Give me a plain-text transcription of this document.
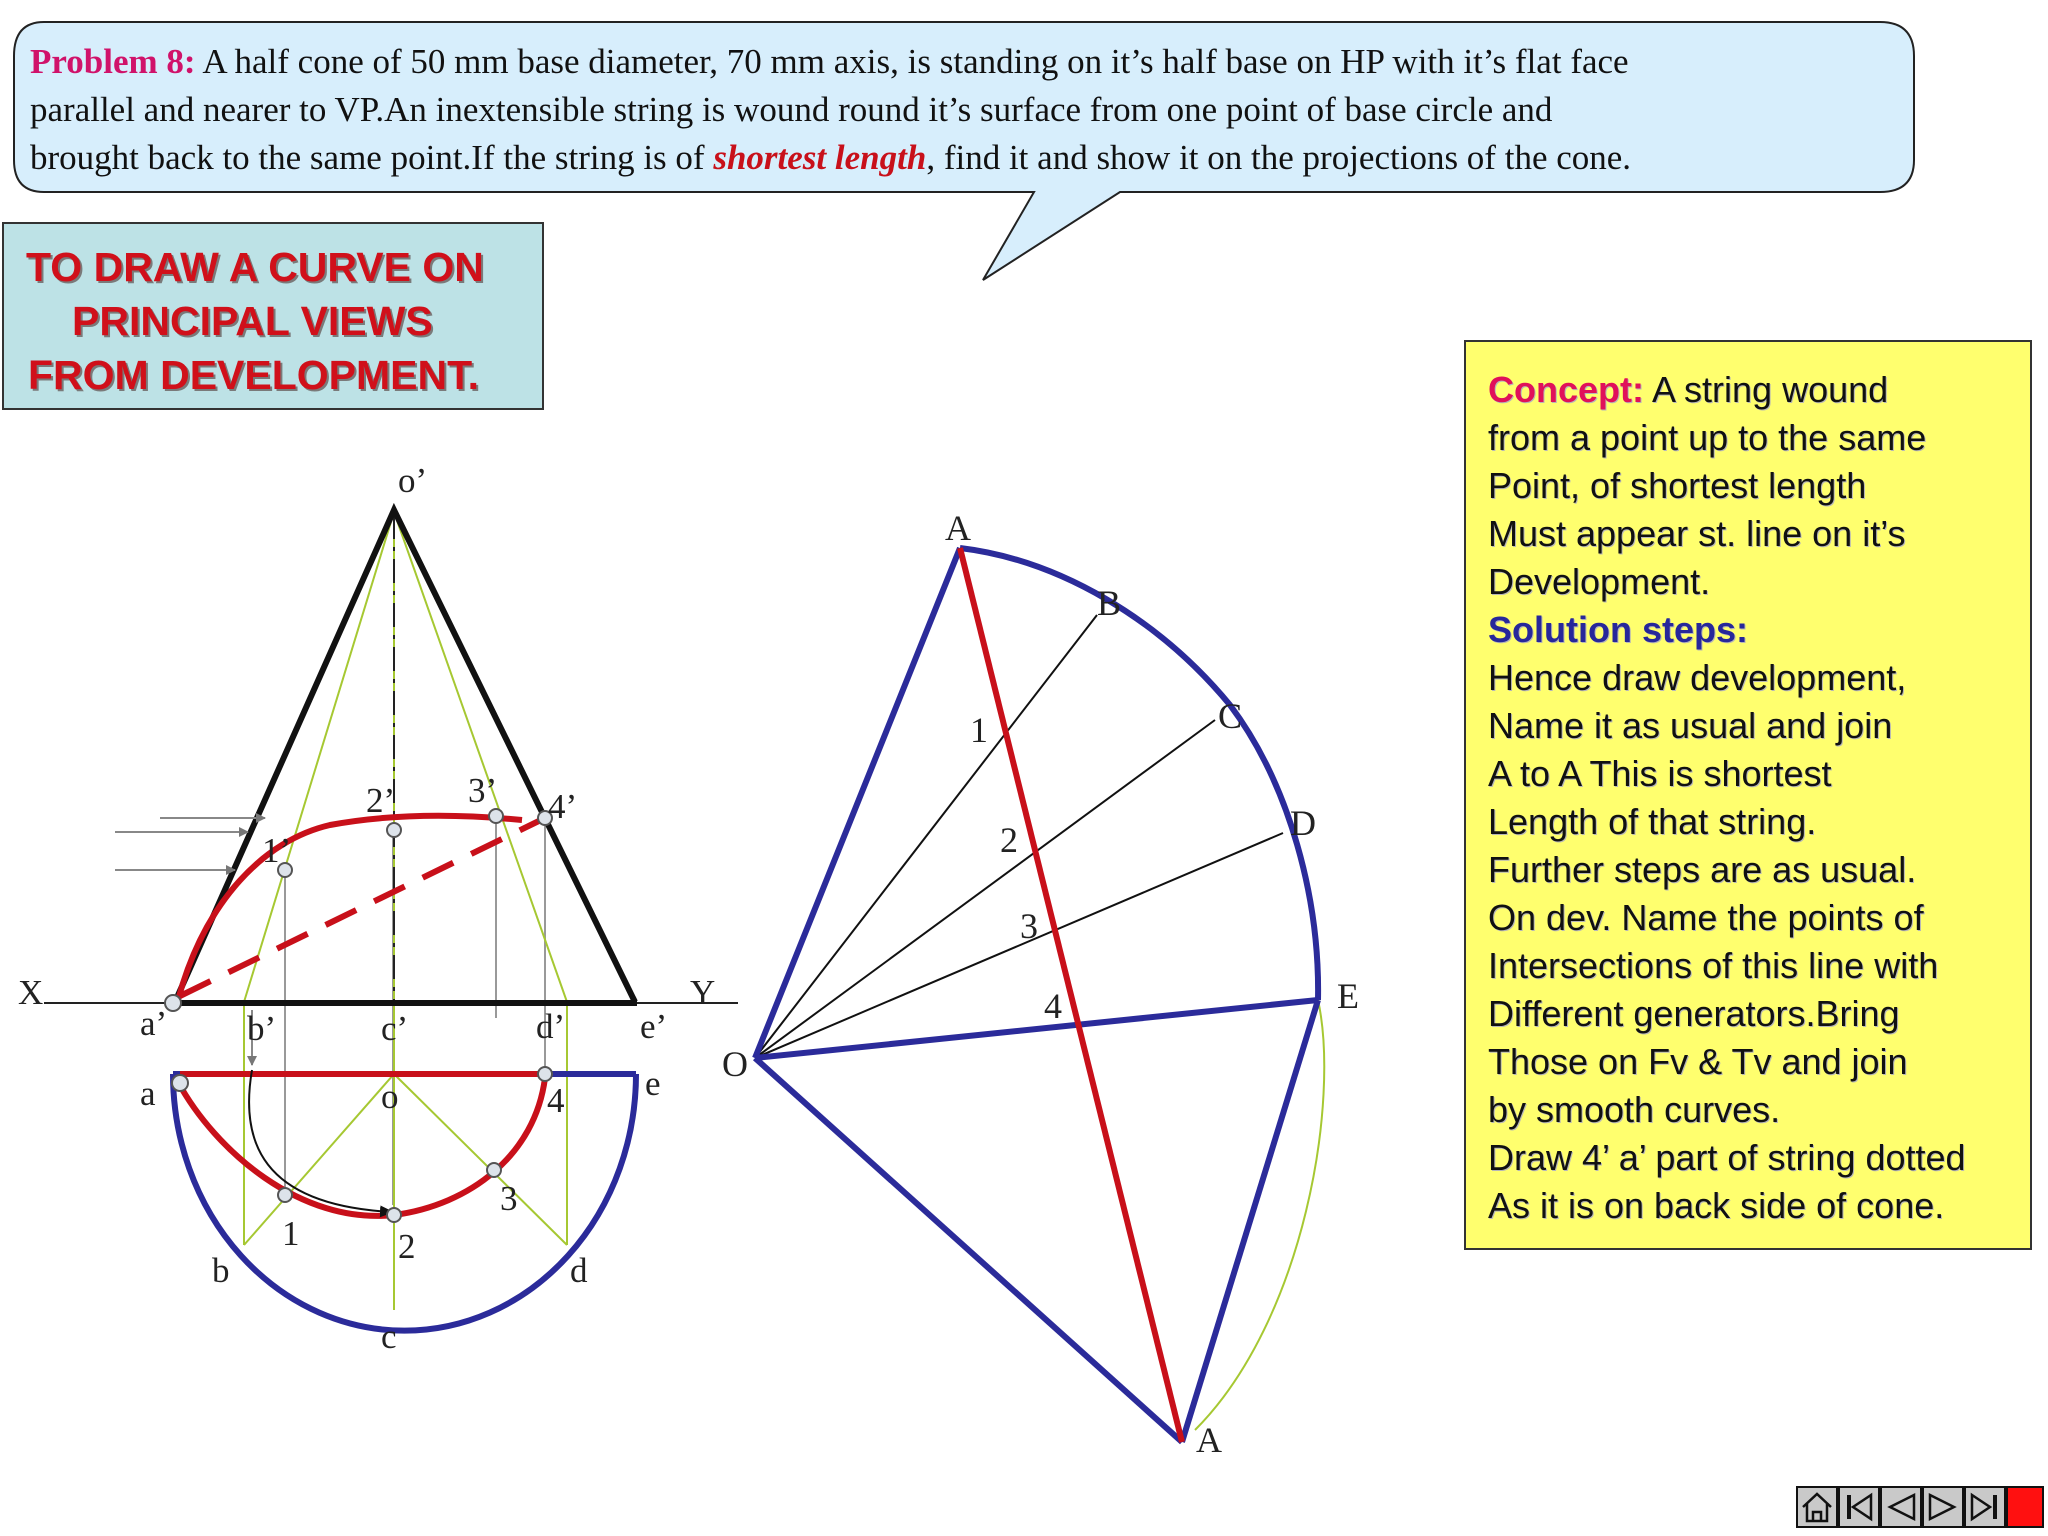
Problem 8: A half cone of 50 mm base diameter, 70 mm axis, is standing on it’s half base on HP with it’s flat face
parallel and nearer to VP.An inextensible string is wound round it’s surface from one point of base circle and
brought back to the same point.If the string is of shortest length, find it and show it on the projections of the cone.
TO DRAW A CURVE ON
PRINCIPAL VIEWS
FROM DEVELOPMENT.	Concept: A string wound
from a point up to the same
Point, of shortest length
Must appear st. line on it’s
Development.
Solution steps:
Hence draw development,
Name it as usual and join
A to A This is shortest
Length of that string.
Further steps are as usual.
On dev. Name the points of
Intersections of this line with
Different generators.Bring
Those on Fv & Tv and join
by smooth curves.
Draw 4’ a’ part of string dotted
As it is on back side of cone.
o’
X	Y
a’ b’	c’	d’ e’
1’
2’ 3’ 4’
a	e
o
b
c
d
1	2
3
4
O
A
B
C
D
E
A
1
2
3
4
